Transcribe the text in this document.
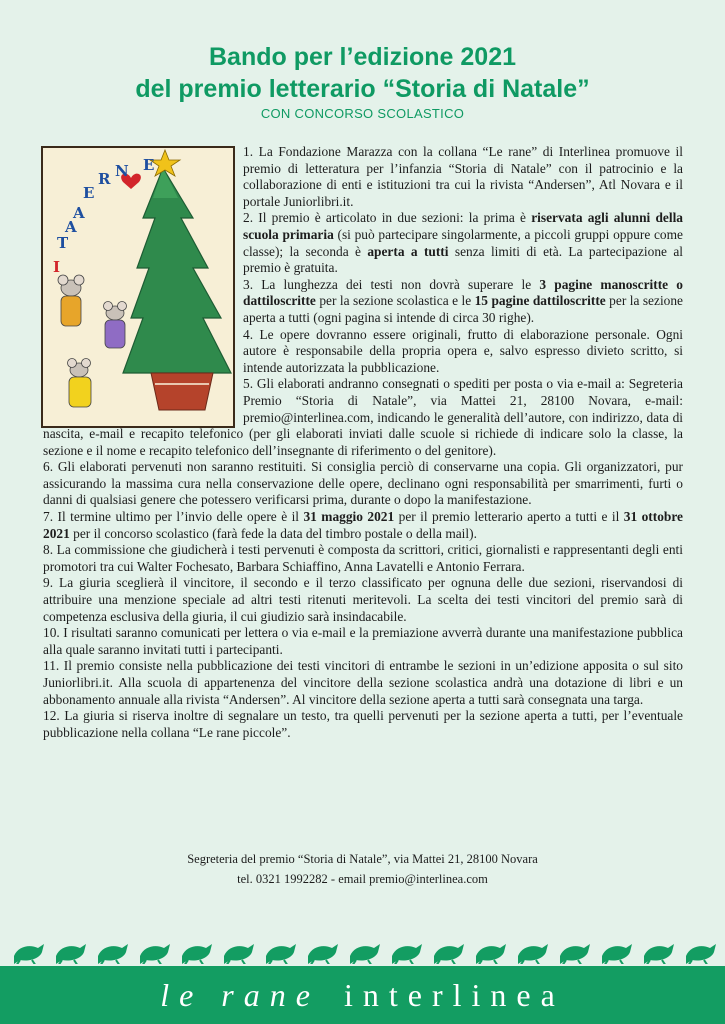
Bando per l’edizione 2021
del premio letterario “Storia di Natale”
CON CONCORSO SCOLASTICO
A
E
R N E
T
I
A

1. La Fondazione Marazza con la collana “Le rane” di Interlinea promuove il premio di letteratura per l’infanzia “Storia di Natale” con il patrocinio e la collaborazione di enti e istituzioni tra cui la rivista “Andersen”, Atl Novara e il portale Juniorlibri.it.

2. Il premio è articolato in due sezioni: la prima è riservata agli alunni della scuola primaria (si può partecipare singolarmente, a piccoli gruppi oppure come classe); la seconda è aperta a tutti senza limiti di età. La partecipazione al premio è gratuita.

3. La lunghezza dei testi non dovrà superare le 3 pagine manoscritte o dattiloscritte per la sezione scolastica e le 15 pagine dattiloscritte per la sezione aperta a tutti (ogni pagina si intende di circa 30 righe).

4. Le opere dovranno essere originali, frutto di elaborazione personale. Ogni autore è responsabile della propria opera e, salvo espresso divieto scritto, si intende autorizzata la pubblicazione.

5. Gli elaborati andranno consegnati o spediti per posta o via e-mail a: Segreteria Premio “Storia di Natale”, via Mattei 21, 28100 Novara, e-mail: premio@interlinea.com, indicando le generalità dell’autore, con indirizzo, data di nascita, e-mail e recapito telefonico (per gli elaborati inviati dalle scuole si richiede di indicare solo la classe, la sezione e il nome e recapito telefonico dell’insegnante di riferimento o del genitore).

6. Gli elaborati pervenuti non saranno restituiti. Si consiglia perciò di conservarne una copia. Gli organizzatori, pur assicurando la massima cura nella conservazione delle opere, declinano ogni responsabilità per smarrimenti, furti o danni di qualsiasi genere che potessero verificarsi prima, durante o dopo la manifestazione.

7. Il termine ultimo per l’invio delle opere è il 31 maggio 2021 per il premio letterario aperto a tutti e il 31 ottobre 2021 per il concorso scolastico (farà fede la data del timbro postale o della mail).

8. La commissione che giudicherà i testi pervenuti è composta da scrittori, critici, giornalisti e rappresentanti degli enti promotori tra cui Walter Fochesato, Barbara Schiaffino, Anna Lavatelli e Antonio Ferrara.

9. La giuria sceglierà il vincitore, il secondo e il terzo classificato per ognuna delle due sezioni, riservandosi di attribuire una menzione speciale ad altri testi ritenuti meritevoli. La scelta dei testi vincitori del premio sarà di competenza esclusiva della giuria, il cui giudizio sarà insindacabile.

10. I risultati saranno comunicati per lettera o via e-mail e la premiazione avverrà durante una manifestazione pubblica alla quale saranno invitati tutti i partecipanti.

11. Il premio consiste nella pubblicazione dei testi vincitori di entrambe le sezioni in un’edizione apposita o sul sito Juniorlibri.it. Alla scuola di appartenenza del vincitore della sezione scolastica andrà una dotazione di libri e un abbonamento annuale alla rivista “Andersen”. Al vincitore della sezione aperta a tutti sarà consegnata una targa.

12. La giuria si riserva inoltre di segnalare un testo, tra quelli pervenuti per la sezione aperta a tutti, per l’eventuale pubblicazione nella collana “Le rane piccole”.

Segreteria del premio “Storia di Natale”, via Mattei 21, 28100 Novara
tel. 0321 1992282 - email premio@interlinea.com
le rane interlinea
